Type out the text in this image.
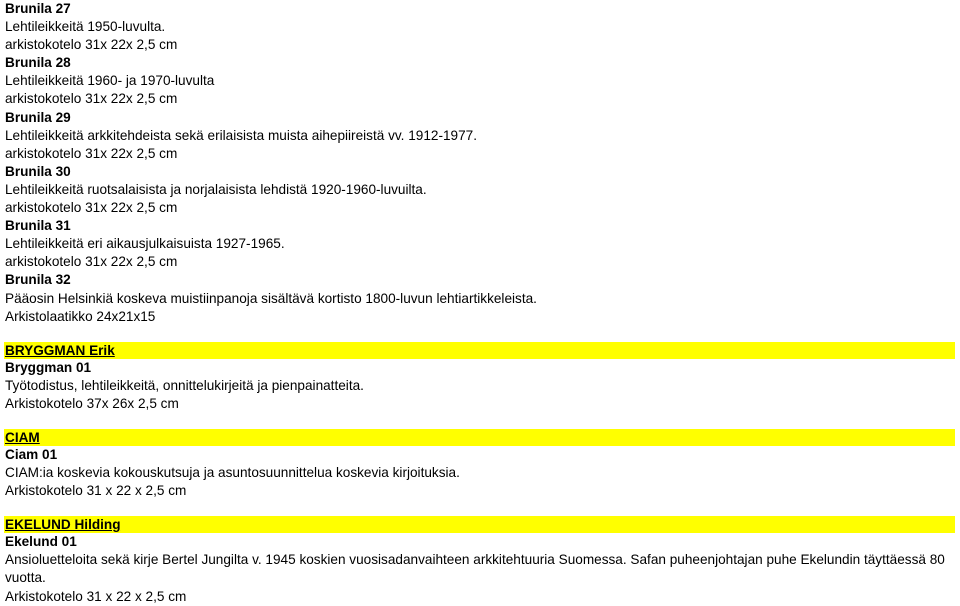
Brunila 27
Lehtileikkeitä 1950-luvulta.
arkistokotelo 31x 22x 2,5 cm
Brunila 28
Lehtileikkeitä 1960- ja 1970-luvulta
arkistokotelo 31x 22x 2,5 cm
Brunila 29
Lehtileikkeitä arkkitehdeista sekä erilaisista muista aihepiireistä vv. 1912-1977.
arkistokotelo 31x 22x 2,5 cm
Brunila 30
Lehtileikkeitä ruotsalaisista ja norjalaisista lehdistä 1920-1960-luvuilta.
arkistokotelo 31x 22x 2,5 cm
Brunila 31
Lehtileikkeitä eri aikausjulkaisuista 1927-1965.
arkistokotelo 31x 22x 2,5 cm
Brunila 32
Pääosin Helsinkiä koskeva muistiinpanoja sisältävä kortisto 1800-luvun lehtiartikkeleista.
Arkistolaatikko 24x21x15
BRYGGMAN Erik
Bryggman 01
Työtodistus, lehtileikkeitä, onnittelukirjeitä ja pienpainatteita.
Arkistokotelo 37x 26x 2,5 cm
CIAM
Ciam 01
CIAM:ia koskevia kokouskutsuja ja asuntosuunnittelua koskevia kirjoituksia.
Arkistokotelo 31 x 22 x 2,5 cm
EKELUND Hilding
Ekelund 01
Ansioluetteloita sekä kirje Bertel Jungilta v. 1945 koskien vuosisadanvaihteen arkkitehtuuria Suomessa. Safan puheenjohtajan puhe Ekelundin täyttäessä 80 vuotta.
Arkistokotelo 31 x 22 x 2,5 cm
